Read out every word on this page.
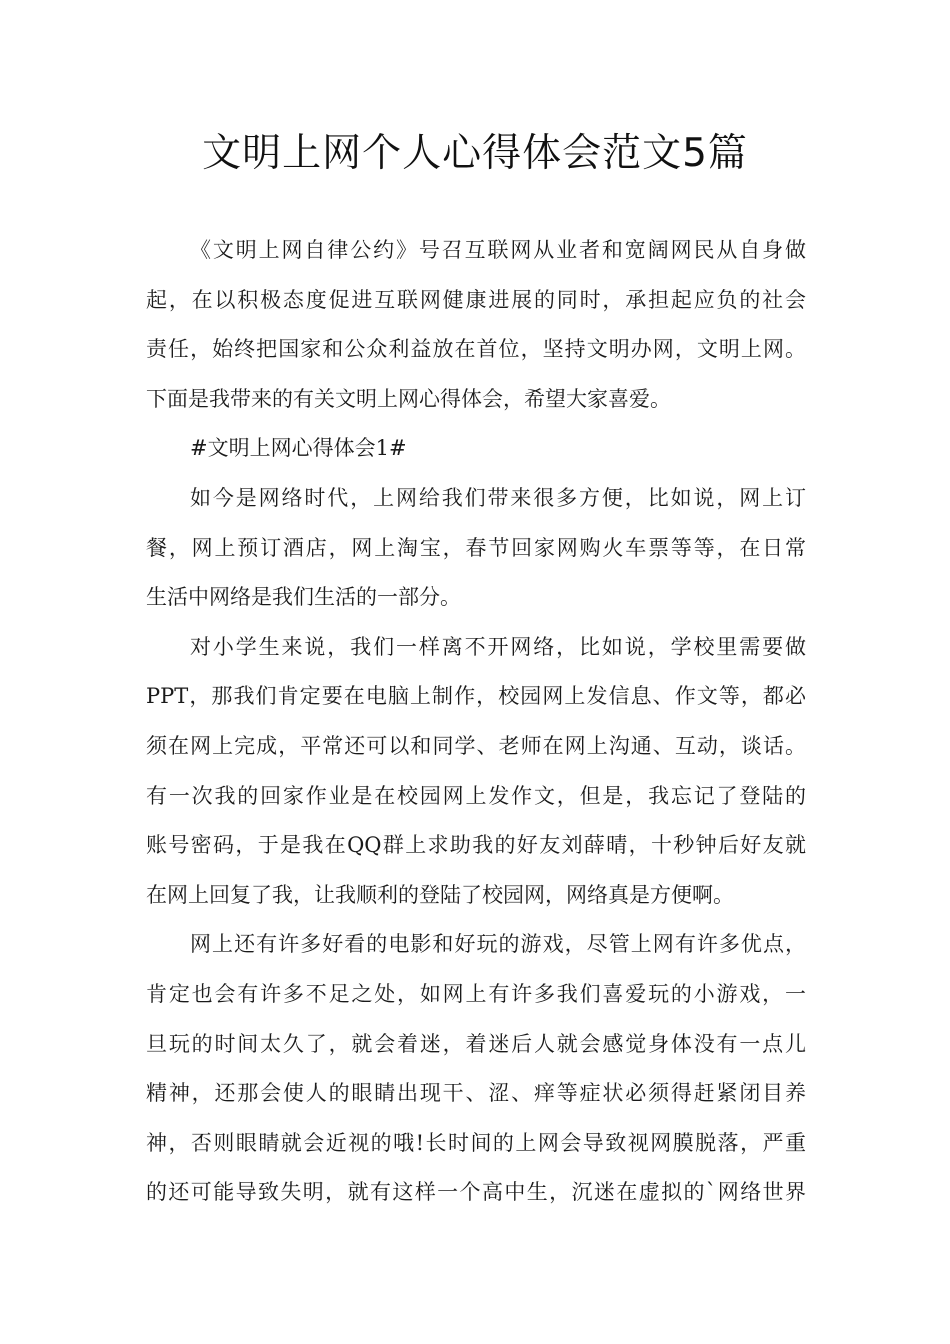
文明上网个人心得体会范文5篇
《文明上网自律公约》号召互联网从业者和宽阔网民从自身做
起，在以积极态度促进互联网健康进展的同时，承担起应负的社会
责任，始终把国家和公众利益放在首位，坚持文明办网，文明上网。
下面是我带来的有关文明上网心得体会，希望大家喜爱。
#文明上网心得体会1#
如今是网络时代，上网给我们带来很多方便，比如说，网上订
餐，网上预订酒店，网上淘宝，春节回家网购火车票等等，在日常
生活中网络是我们生活的一部分。
对小学生来说，我们一样离不开网络，比如说，学校里需要做
PPT，那我们肯定要在电脑上制作，校园网上发信息、作文等，都必
须在网上完成，平常还可以和同学、老师在网上沟通、互动，谈话。
有一次我的回家作业是在校园网上发作文，但是，我忘记了登陆的
账号密码，于是我在QQ群上求助我的好友刘薛晴，十秒钟后好友就
在网上回复了我，让我顺利的登陆了校园网，网络真是方便啊。
网上还有许多好看的电影和好玩的游戏，尽管上网有许多优点，
肯定也会有许多不足之处，如网上有许多我们喜爱玩的小游戏，一
旦玩的时间太久了，就会着迷，着迷后人就会感觉身体没有一点儿
精神，还那会使人的眼睛出现干、涩、痒等症状必须得赶紧闭目养
神，否则眼睛就会近视的哦!长时间的上网会导致视网膜脱落，严重
的还可能导致失明，就有这样一个高中生，沉迷在虚拟的`网络世界
